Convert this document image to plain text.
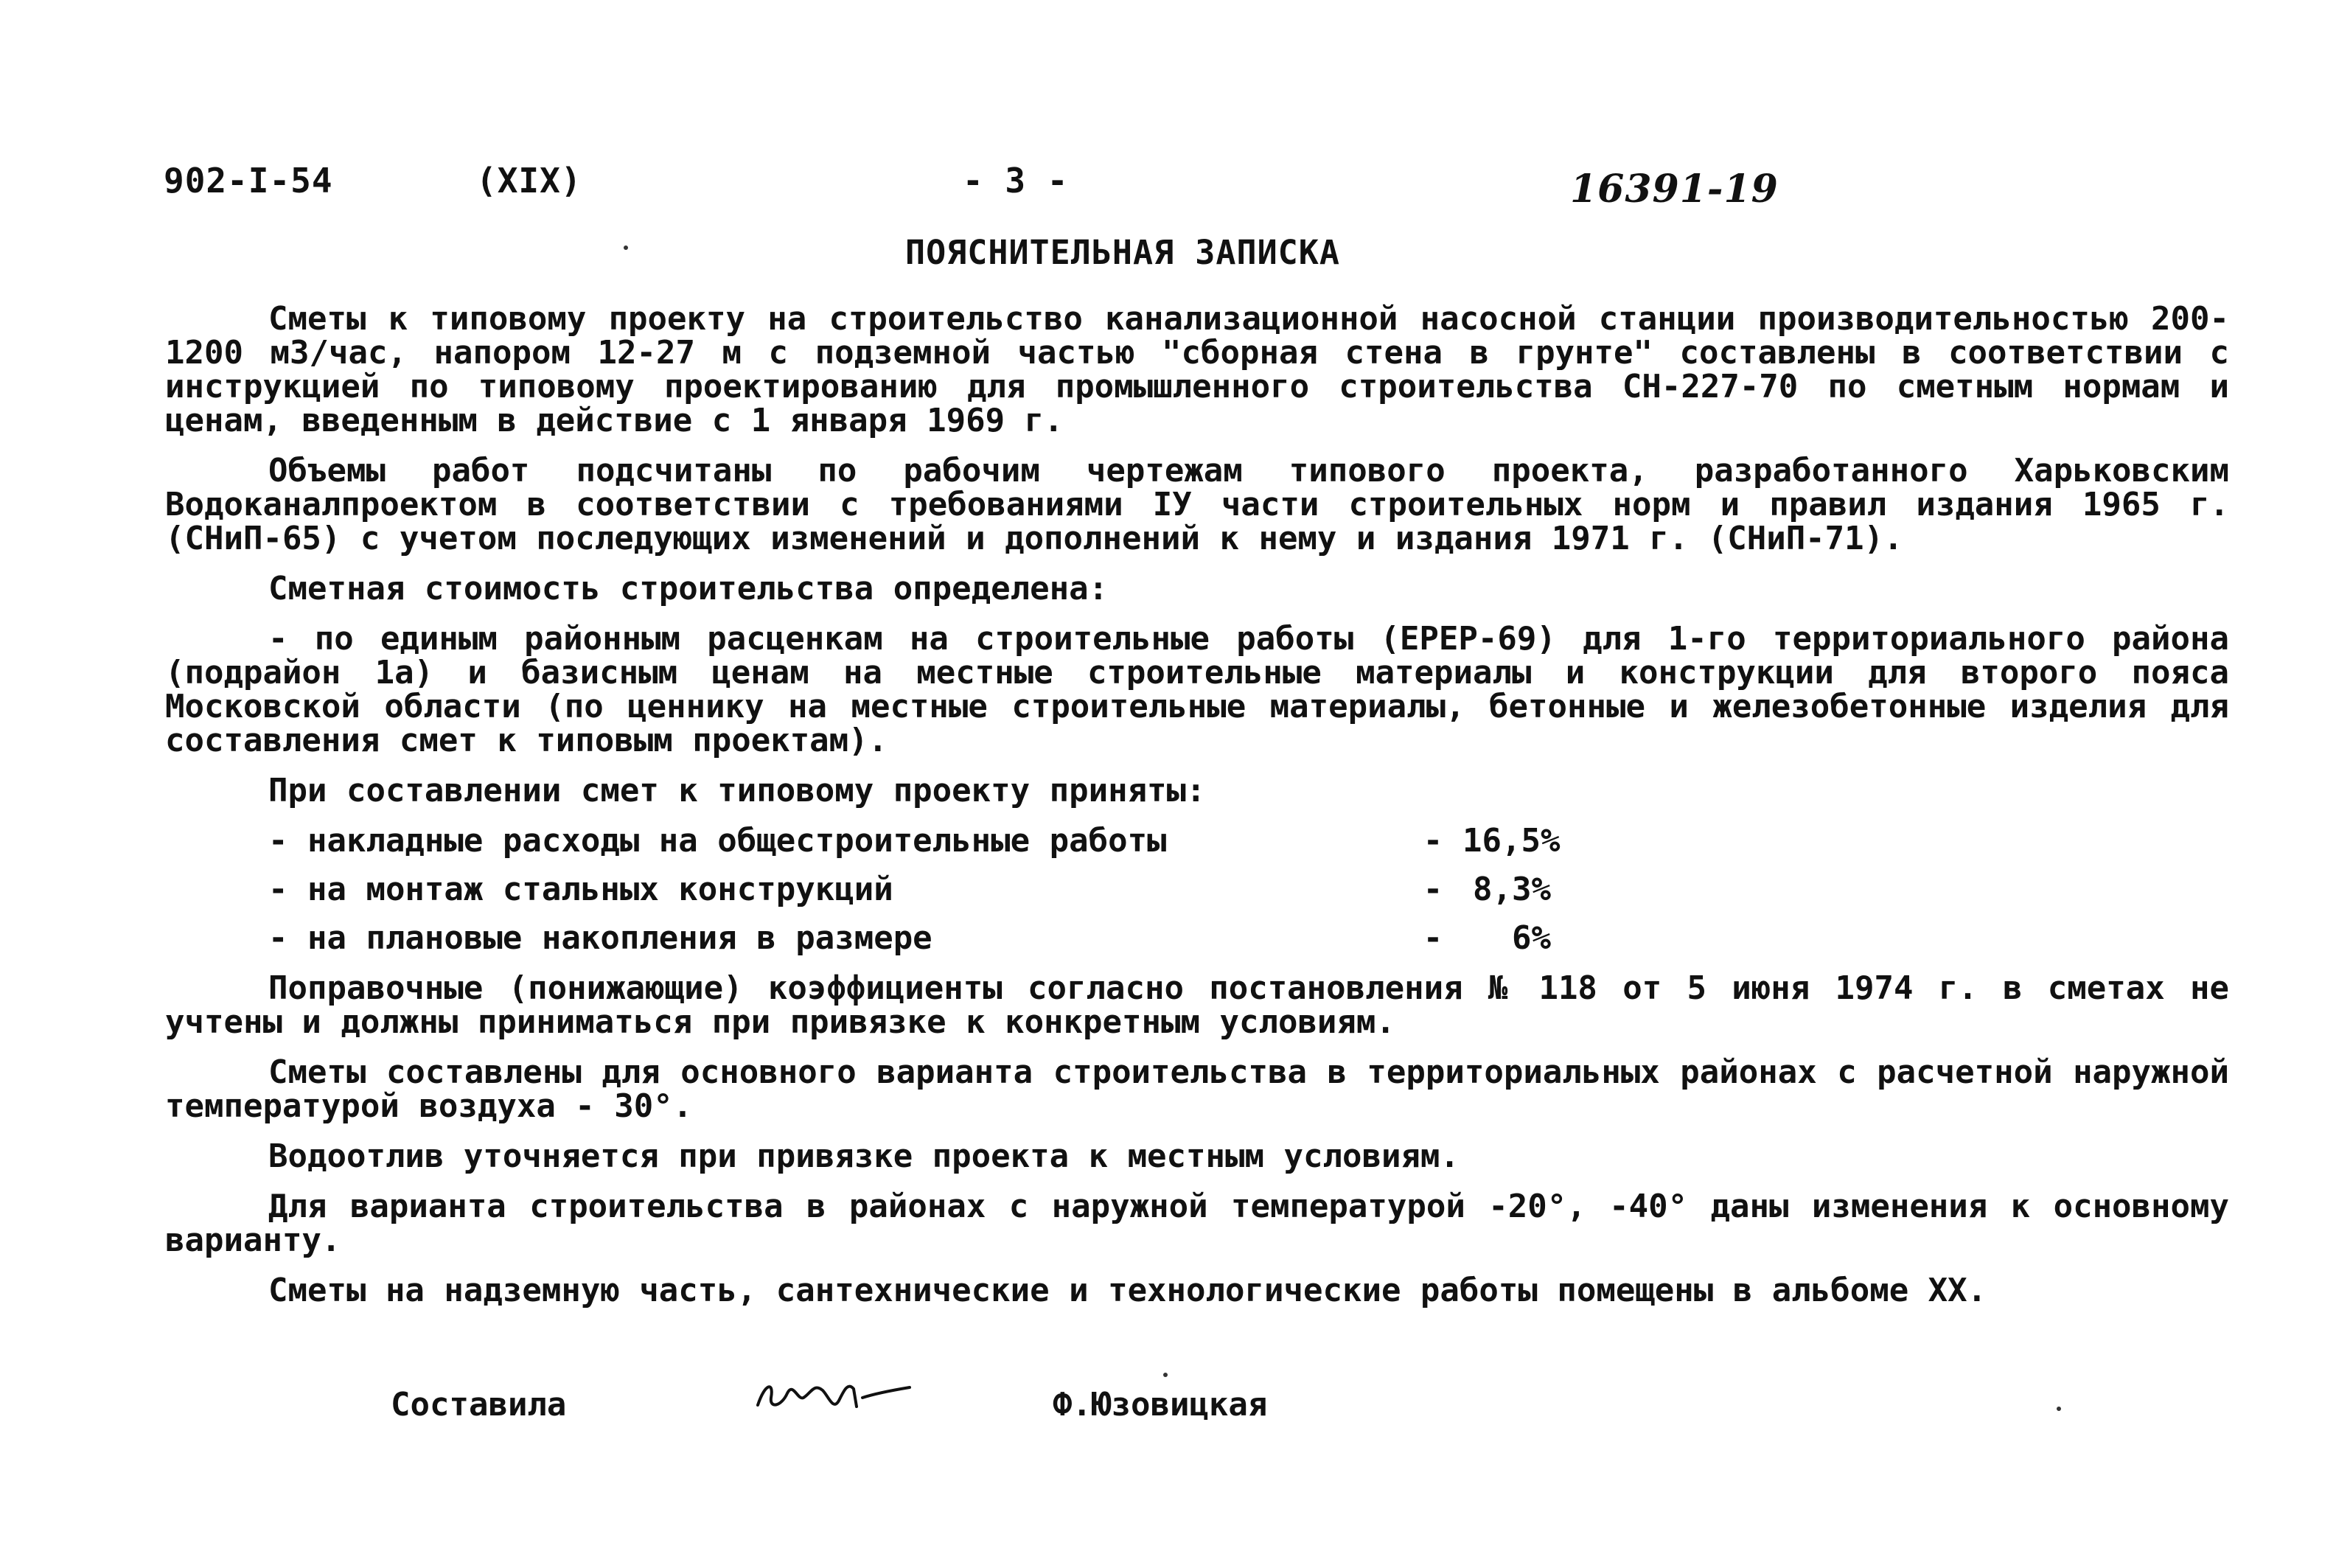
902-I-54	(XIX)	- 3 -	16391-19
ПОЯСНИТЕЛЬНАЯ ЗАПИСКА

Сметы к типовому проекту на строительство канализационной насосной станции производительностью 200-1200 м3/час, напором 12-27 м с подземной частью "сборная стена в грунте" составлены в соответствии с инструкцией по типовому проектированию для промышленного строительства СН-227-70 по сметным нормам и ценам, введенным в действие с 1 января 1969 г.

Объемы работ подсчитаны по рабочим чертежам типового проекта, разработанного Харьковским Водоканалпроектом в соответствии с требованиями IУ части строительных норм и правил издания 1965 г. (СНиП-65) с учетом последующих изменений и дополнений к нему и издания 1971 г. (СНиП-71).

Сметная стоимость строительства определена:

- по единым районным расценкам на строительные работы (ЕРЕР-69) для 1-го территориального района (подрайон 1а) и базисным ценам на местные строительные материалы и конструкции для второго пояса Московской области (по ценнику на местные строительные материалы, бетонные и железобетонные изделия для составления смет к типовым проектам).

При составлении смет к типовому проекту приняты:

- накладные расходы на общестроительные работы	- 16,5%
- на монтаж стальных конструкций	- 8,3%
- на плановые накопления в размере	-	6%

Поправочные (понижающие) коэффициенты согласно постановления № 118 от 5 июня 1974 г. в сметах не учтены и должны приниматься при привязке к конкретным условиям.

Сметы составлены для основного варианта строительства в территориальных районах с расчетной наружной температурой воздуха - 30°.

Водоотлив уточняется при привязке проекта к местным условиям.

Для варианта строительства в районах с наружной температурой -20°, -40° даны изменения к основному варианту.

Сметы на надземную часть, сантехнические и технологические работы помещены в альбоме XX.

Составила	Ф.Юзовицкая
